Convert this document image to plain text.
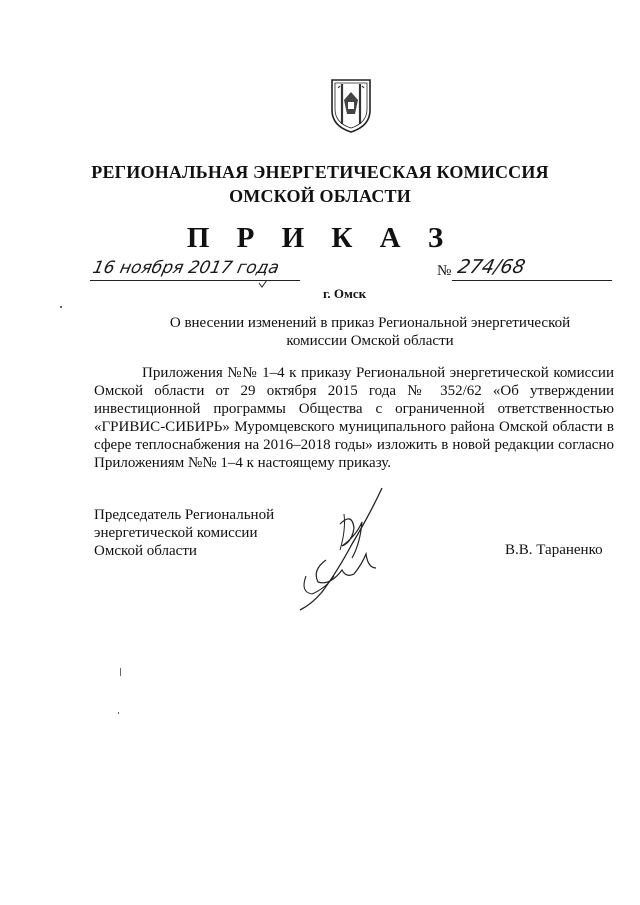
РЕГИОНАЛЬНАЯ ЭНЕРГЕТИЧЕСКАЯ КОМИССИЯ
ОМСКОЙ ОБЛАСТИ
П Р И К А З
16 ноября 2017 года	№ 274/68
г. Омск
О внесении изменений в приказ Региональной энергетической комиссии Омской области
Приложения №№ 1–4 к приказу Региональной энергетической комиссии Омской области от 29 октября 2015 года № 352/62 «Об утверждении инвестиционной программы Общества с ограниченной ответственностью «ГРИВИС-СИБИРЬ» Муромцевского муниципального района Омской области в сфере теплоснабжения на 2016–2018 годы» изложить в новой редакции согласно Приложениям №№ 1–4 к настоящему приказу.
Председатель Региональной
энергетической комиссии
Омской области	В.В. Тараненко
